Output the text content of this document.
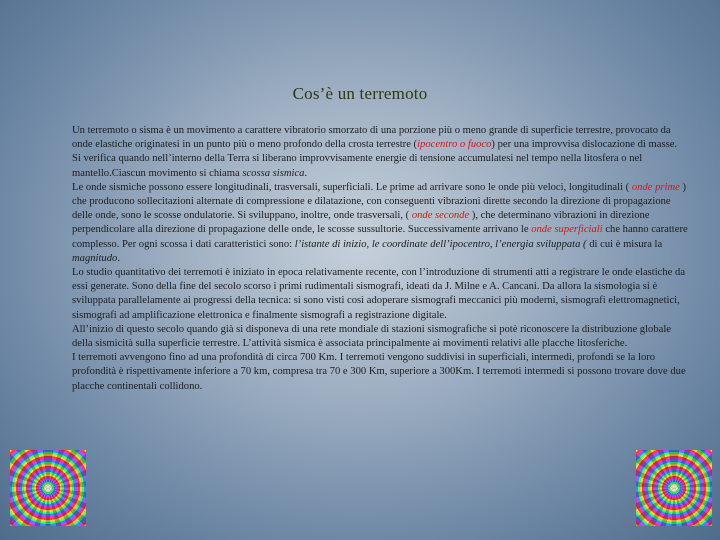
Cos’è un terremoto

Un terremoto o sisma è un movimento a carattere vibratorio smorzato di una porzione più o meno grande di superficie terrestre, provocato da onde elastiche originatesi in un punto più o meno profondo della crosta terrestre (ipocentro o fuoco) per una improvvisa dislocazione di masse.

Si verifica quando nell’interno della Terra si liberano improvvisamente energie di tensione accumulatesi nel tempo nella litosfera o nel mantello.Ciascun movimento si chiama scossa sismica.

Le onde sismiche possono essere longitudinali, trasversali, superficiali. Le prime ad arrivare sono le onde più veloci, longitudinali ( onde prime ) che producono sollecitazioni alternate di compressione e dilatazione, con conseguenti vibrazioni dirette secondo la direzione di propagazione delle onde, sono le scosse ondulatorie. Si sviluppano, inoltre, onde trasversali, ( onde seconde ), che determinano vibrazioni in direzione perpendicolare alla direzione di propagazione delle onde, le scosse sussultorie. Successivamente arrivano le onde superficiali che hanno carattere complesso. Per ogni scossa i dati caratteristici sono: l’istante di inizio, le coordinate dell’ipocentro, l’energia sviluppata ( di cui è misura la magnitudo.

Lo studio quantitativo dei terremoti è iniziato in epoca relativamente recente, con l’introduzione di strumenti atti a registrare le onde elastiche da essi generate. Sono della fine del secolo scorso i primi rudimentali sismografi, ideati da J. Milne e A. Cancani. Da allora la sismologia si è sviluppata parallelamente ai progressi della tecnica: si sono visti così adoperare sismografi meccanici più moderni, sismografi elettromagnetici, sismografi ad amplificazione elettronica e finalmente sismografi a registrazione digitale.

All’inizio di questo secolo quando già si disponeva di una rete mondiale di stazioni sismografiche si potè riconoscere la distribuzione globale della sismicità sulla superficie terrestre. L’attività sismica è associata principalmente ai movimenti relativi alle placche litosferiche.

I terremoti avvengono fino ad una profondità di circa 700 Km. I terremoti vengono suddivisi in superficiali, intermedi, profondi se la loro profondità è rispettivamente inferiore a 70 km, compresa tra 70 e 300 Km, superiore a 300Km. I terremoti intermedi si possono trovare dove due placche continentali collidono.
